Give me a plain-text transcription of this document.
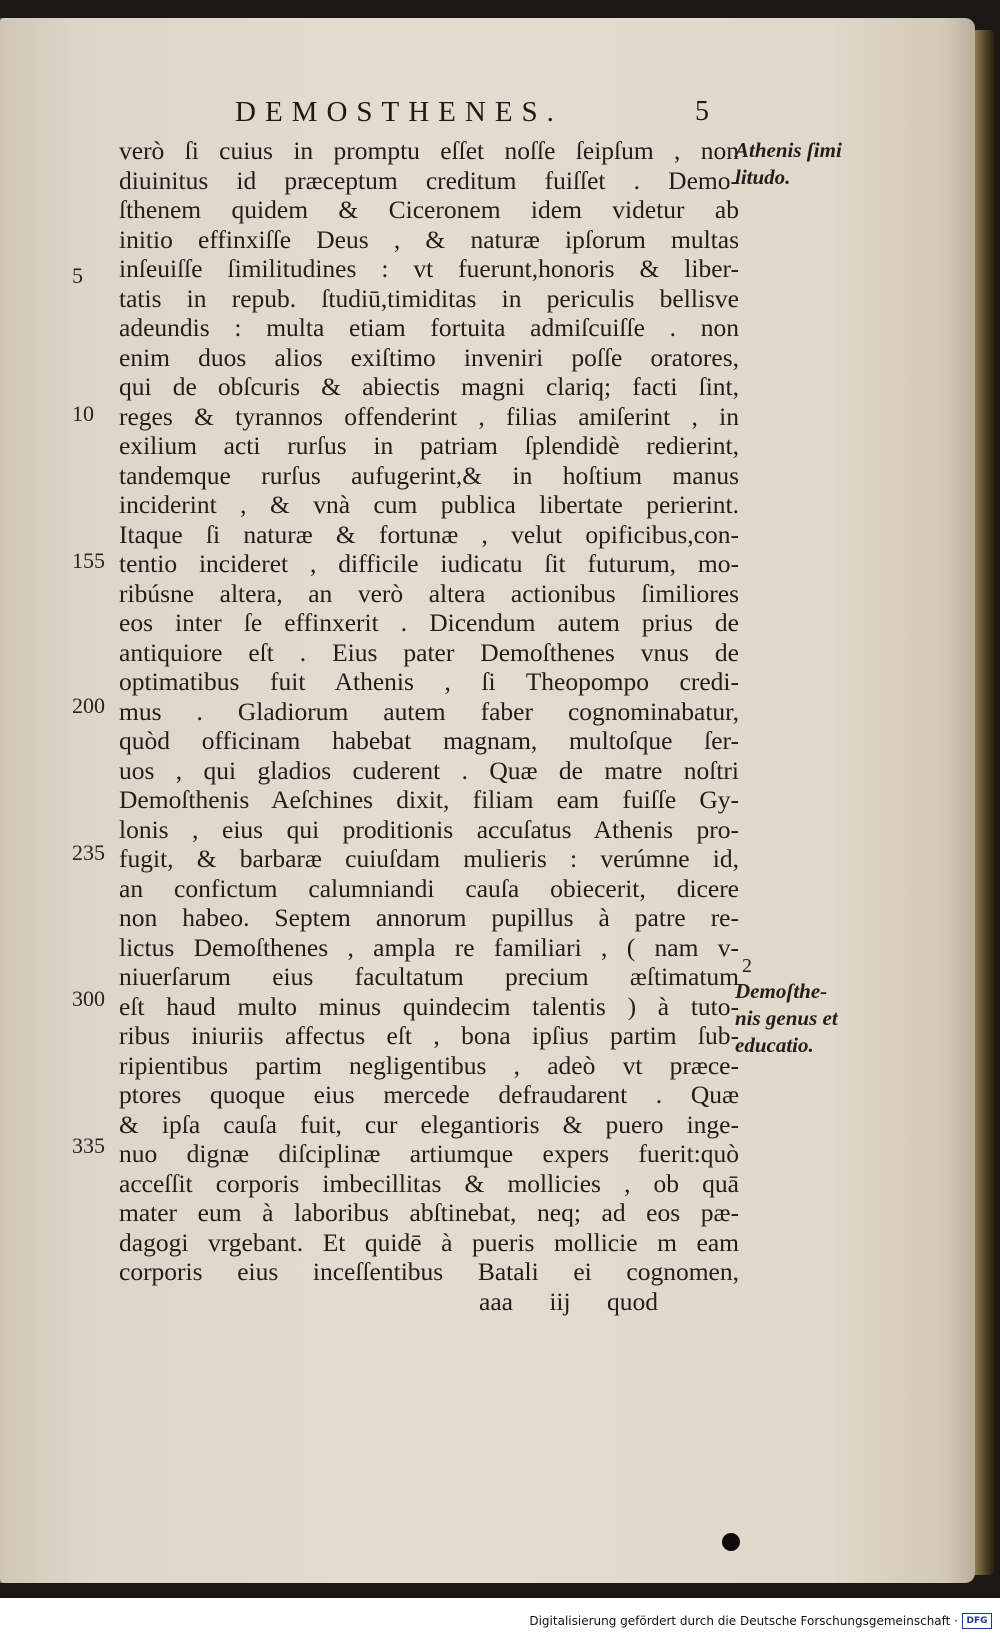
DEMOSTHENES.	5
verò ſi cuius in promptu eſſet noſſe ſeipſum , non
diuinitus id præceptum creditum fuiſſet . Demo-
ſthenem quidem & Ciceronem idem videtur ab
initio effinxiſſe Deus , & naturæ ipſorum multas
inſeuiſſe ſimilitudines : vt fuerunt,honoris & liber-
tatis in repub. ſtudiū,timiditas in periculis bellisve
adeundis : multa etiam fortuita admiſcuiſſe . non
enim duos alios exiſtimo inveniri poſſe oratores,
qui de obſcuris & abiectis magni clariq; facti ſint,
reges & tyrannos offenderint , filias amiſerint , in
exilium acti rurſus in patriam ſplendidè redierint,
tandemque rurſus aufugerint,& in hoſtium manus
inciderint , & vnà cum publica libertate perierint.
Itaque ſi naturæ & fortunæ , velut opificibus,con-
tentio incideret , difficile iudicatu ſit futurum, mo-
ribúsne altera, an verò altera actionibus ſimiliores
eos inter ſe effinxerit . Dicendum autem prius de
antiquiore eſt . Eius pater Demoſthenes vnus de
optimatibus fuit Athenis , ſi Theopompo credi-
mus . Gladiorum autem faber cognominabatur,
quòd officinam habebat magnam, multoſque ſer-
uos , qui gladios cuderent . Quæ de matre noſtri
Demoſthenis Aeſchines dixit, filiam eam fuiſſe Gy-
lonis , eius qui proditionis accuſatus Athenis pro-
fugit, & barbaræ cuiuſdam mulieris : verúmne id,
an confictum calumniandi cauſa obiecerit, dicere
non habeo. Septem annorum pupillus à patre re-
lictus Demoſthenes , ampla re familiari , ( nam v-
niuerſarum eius facultatum precium æſtimatum
eſt haud multo minus quindecim talentis ) à tuto-
ribus iniuriis affectus eſt , bona ipſius partim ſub-
ripientibus partim negligentibus , adeò vt præce-
ptores quoque eius mercede defraudarent . Quæ
& ipſa cauſa fuit, cur elegantioris & puero inge-
nuo dignæ diſciplinæ artiumque expers fuerit:quò
acceſſit corporis imbecillitas & mollicies , ob quā
mater eum à laboribus abſtinebat, neq; ad eos pæ-
dagogi vrgebant. Et quidē à pueris mollicie m eam
corporis eius inceſſentibus Batali ei cognomen,
aaa iij quod
5
10
155
200
235
300
335
Athenis ſimi
litudo.
2
Demoſthe-
nis genus et
educatio.
Digitalisierung gefördert durch die Deutsche Forschungsgemeinschaft · DFG
